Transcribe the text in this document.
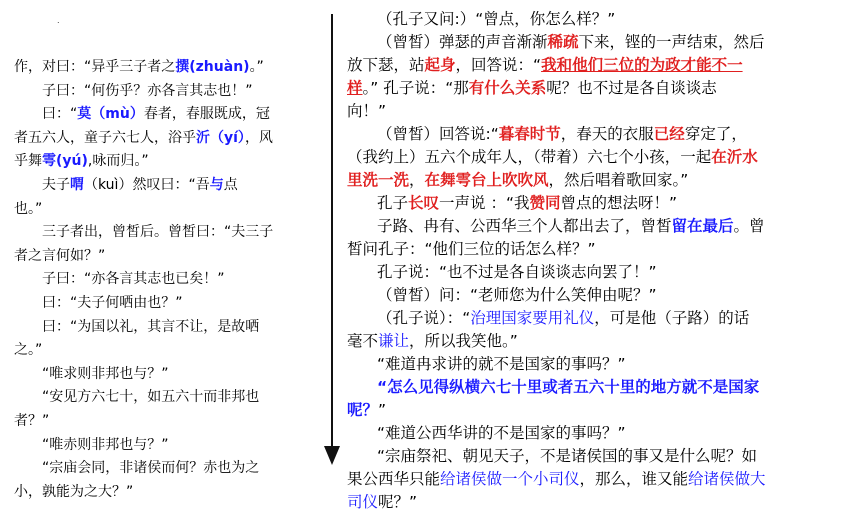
作，对曰：“异乎三子者之撰(zhuàn)。”
子曰：“何伤乎？亦各言其志也！”
曰：“莫（mù）春者，春服既成，冠
者五六人，童子六七人，浴乎沂（yí），风
乎舞雩(yú),咏而归。”
夫子喟（kuì）然叹曰：“吾与点
也。”
三子者出，曾皙后。曾皙曰：“夫三子
者之言何如？”
子曰：“亦各言其志也已矣！”
曰：“夫子何哂由也？”
曰：“为国以礼，其言不让，是故哂
之。”
“唯求则非邦也与？”
“安见方六七十，如五六十而非邦也
者？”
“唯赤则非邦也与？”
“宗庙会同，非诸侯而何？赤也为之
小，孰能为之大？”
.	（孔子又问:）“曾点，你怎么样？”
（曾皙）弹瑟的声音渐渐稀疏下来，铿的一声结束，然后
放下瑟，站起身，回答说：“我和他们三位的为政才能不一
样。” 孔子说：“那有什么关系呢？也不过是各自谈谈志
向！”
（曾皙）回答说:“暮春时节，春天的衣服已经穿定了，
（我约上）五六个成年人，（带着）六七个小孩，一起在沂水
里洗一洗，在舞雩台上吹吹风，然后唱着歌回家。”
孔子长叹一声说 ：“我赞同曾点的想法呀！”
子路、冉有、公西华三个人都出去了，曾皙留在最后。曾
皙问孔子：“他们三位的话怎么样？”
孔子说：“也不过是各自谈谈志向罢了！”
（曾皙）问：“老师您为什么笑伸由呢？”
（孔子说）：“治理国家要用礼仪，可是他（子路）的话
毫不谦让，所以我笑他。”
“难道冉求讲的就不是国家的事吗？”
“怎么见得纵横六七十里或者五六十里的地方就不是国家
呢？”
“难道公西华讲的不是国家的事吗？”
“宗庙祭祀、朝见天子，不是诸侯国的事又是什么呢？如
果公西华只能给诸侯做一个小司仪，那么，谁又能给诸侯做大
司仪呢？”
